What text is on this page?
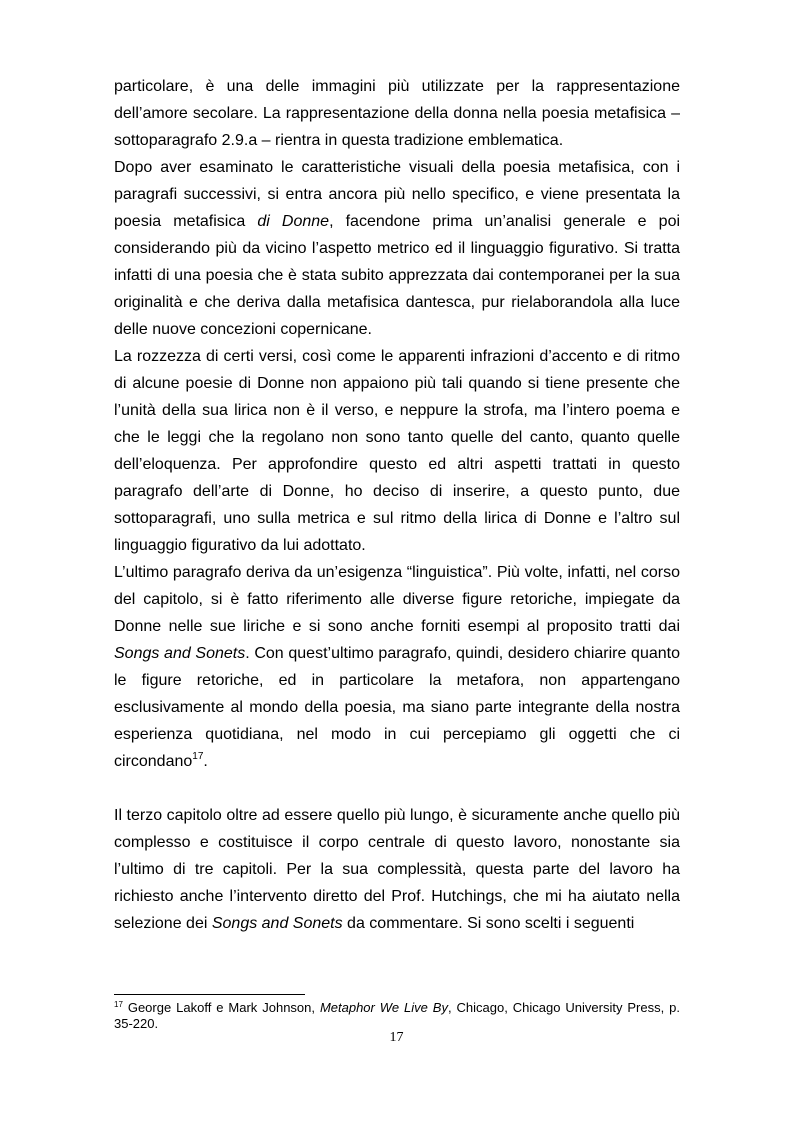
particolare, è una delle immagini più utilizzate per la rappresentazione dell’amore secolare. La rappresentazione della donna nella poesia metafisica – sottoparagrafo 2.9.a – rientra in questa tradizione emblematica.

Dopo aver esaminato le caratteristiche visuali della poesia metafisica, con i paragrafi successivi, si entra ancora più nello specifico, e viene presentata la poesia metafisica di Donne, facendone prima un’analisi generale e poi considerando più da vicino l’aspetto metrico ed il linguaggio figurativo. Si tratta infatti di una poesia che è stata subito apprezzata dai contemporanei per la sua originalità e che deriva dalla metafisica dantesca, pur rielaborandola alla luce delle nuove concezioni copernicane.

La rozzezza di certi versi, così come le apparenti infrazioni d’accento e di ritmo di alcune poesie di Donne non appaiono più tali quando si tiene presente che l’unità della sua lirica non è il verso, e neppure la strofa, ma l’intero poema e che le leggi che la regolano non sono tanto quelle del canto, quanto quelle dell’eloquenza. Per approfondire questo ed altri aspetti trattati in questo paragrafo dell’arte di Donne, ho deciso di inserire, a questo punto, due sottoparagrafi, uno sulla metrica e sul ritmo della lirica di Donne e l’altro sul linguaggio figurativo da lui adottato.

L’ultimo paragrafo deriva da un’esigenza “linguistica”. Più volte, infatti, nel corso del capitolo, si è fatto riferimento alle diverse figure retoriche, impiegate da Donne nelle sue liriche e si sono anche forniti esempi al proposito tratti dai Songs and Sonets. Con quest’ultimo paragrafo, quindi, desidero chiarire quanto le figure retoriche, ed in particolare la metafora, non appartengano esclusivamente al mondo della poesia, ma siano parte integrante della nostra esperienza quotidiana, nel modo in cui percepiamo gli oggetti che ci circondano$^{17}$.

Il terzo capitolo oltre ad essere quello più lungo, è sicuramente anche quello più complesso e costituisce il corpo centrale di questo lavoro, nonostante sia l’ultimo di tre capitoli. Per la sua complessità, questa parte del lavoro ha richiesto anche l’intervento diretto del Prof. Hutchings, che mi ha aiutato nella selezione dei Songs and Sonets da commentare. Si sono scelti i seguenti

$^{17}$ George Lakoff e Mark Johnson, Metaphor We Live By, Chicago, Chicago University Press, p. 35-220.

17
